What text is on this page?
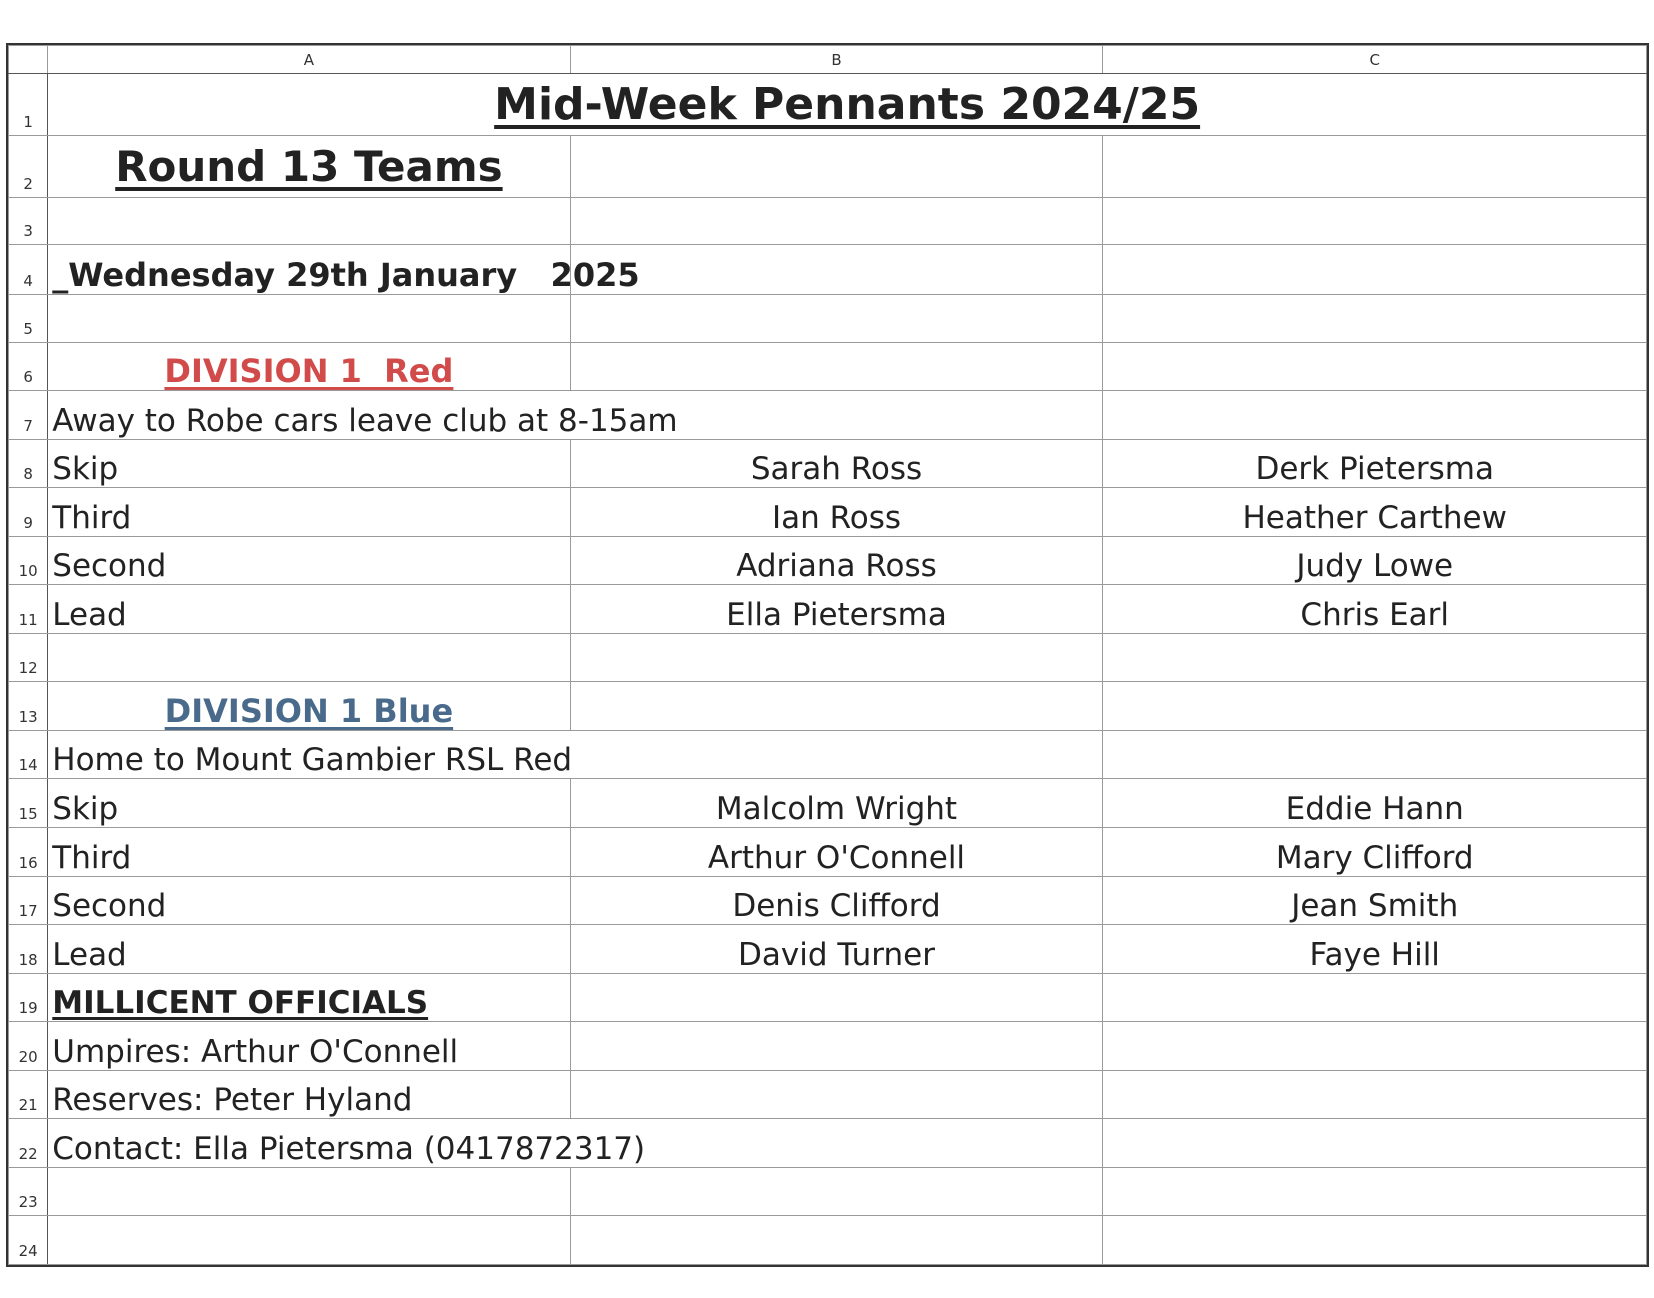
	A	B	C
1	Mid-Week Pennants 2024/25		
2	Round 13 Teams		
3			
4	_Wednesday 29th January   2025		
5			
6	DIVISION 1  Red		
7	Away to Robe cars leave club at 8-15am		
8	Skip	Sarah Ross	Derk Pietersma
9	Third	Ian Ross	Heather Carthew
10	Second	Adriana Ross	Judy Lowe
11	Lead	Ella Pietersma	Chris Earl
12			
13	DIVISION 1 Blue		
14	Home to Mount Gambier RSL Red		
15	Skip	Malcolm Wright	Eddie Hann
16	Third	Arthur O'Connell	Mary Clifford
17	Second	Denis Clifford	Jean Smith
18	Lead	David Turner	Faye Hill
19	MILLICENT OFFICIALS		
20	Umpires: Arthur O'Connell		
21	Reserves: Peter Hyland		
22	Contact: Ella Pietersma (0417872317)		
23			
24			
